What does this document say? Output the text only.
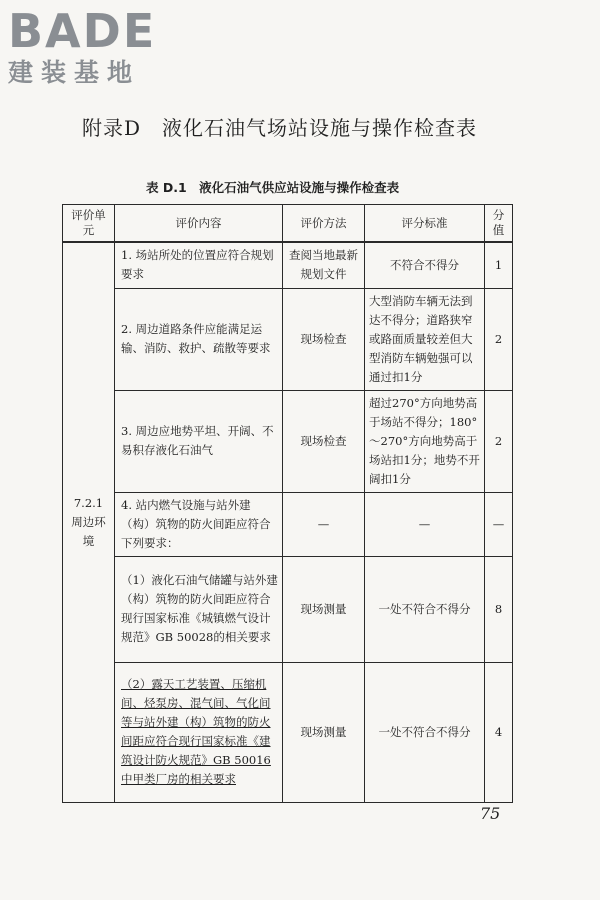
BADE
建装基地
附录D　液化石油气场站设施与操作检查表
表 D.1　液化石油气供应站设施与操作检查表
评价单元	评价内容	评价方法	评分标准	分值
7.2.1 周边环境	1. 场站所处的位置应符合规划要求	查阅当地最新规划文件	不符合不得分	1
	2. 周边道路条件应能满足运输、消防、救护、疏散等要求	现场检查	大型消防车辆无法到达不得分；道路狭窄或路面质量较差但大型消防车辆勉强可以通过扣1分	2
	3. 周边应地势平坦、开阔、不易积存液化石油气	现场检查	超过270°方向地势高于场站不得分；180°～270°方向地势高于场站扣1分；地势不开阔扣1分	2
	4. 站内燃气设施与站外建（构）筑物的防火间距应符合下列要求：	—	—	—
	（1）液化石油气储罐与站外建（构）筑物的防火间距应符合现行国家标准《城镇燃气设计规范》GB 50028的相关要求	现场测量	一处不符合不得分	8
	（2）露天工艺装置、压缩机间、烃泵房、混气间、气化间等与站外建（构）筑物的防火间距应符合现行国家标准《建筑设计防火规范》GB 50016中甲类厂房的相关要求	现场测量	一处不符合不得分	4
75
